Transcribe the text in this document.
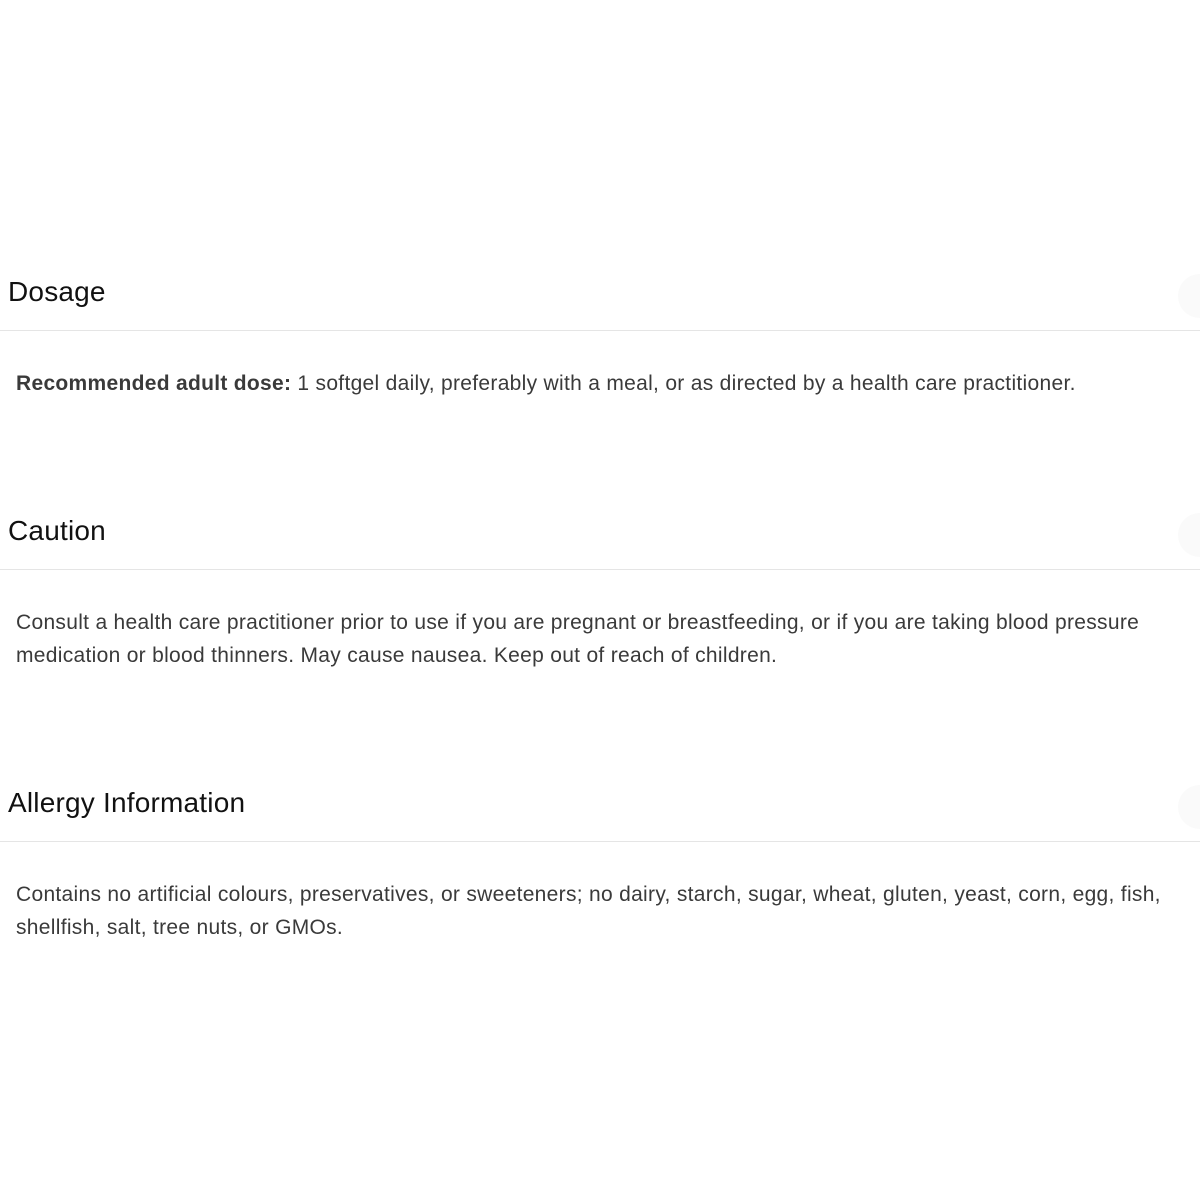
Dosage

Recommended adult dose: 1 softgel daily, preferably with a meal, or as directed by a health care practitioner.

Caution

Consult a health care practitioner prior to use if you are pregnant or breastfeeding, or if you are taking blood pressure medication or blood thinners. May cause nausea. Keep out of reach of children.

Allergy Information

Contains no artificial colours, preservatives, or sweeteners; no dairy, starch, sugar, wheat, gluten, yeast, corn, egg, fish, shellfish, salt, tree nuts, or GMOs.
